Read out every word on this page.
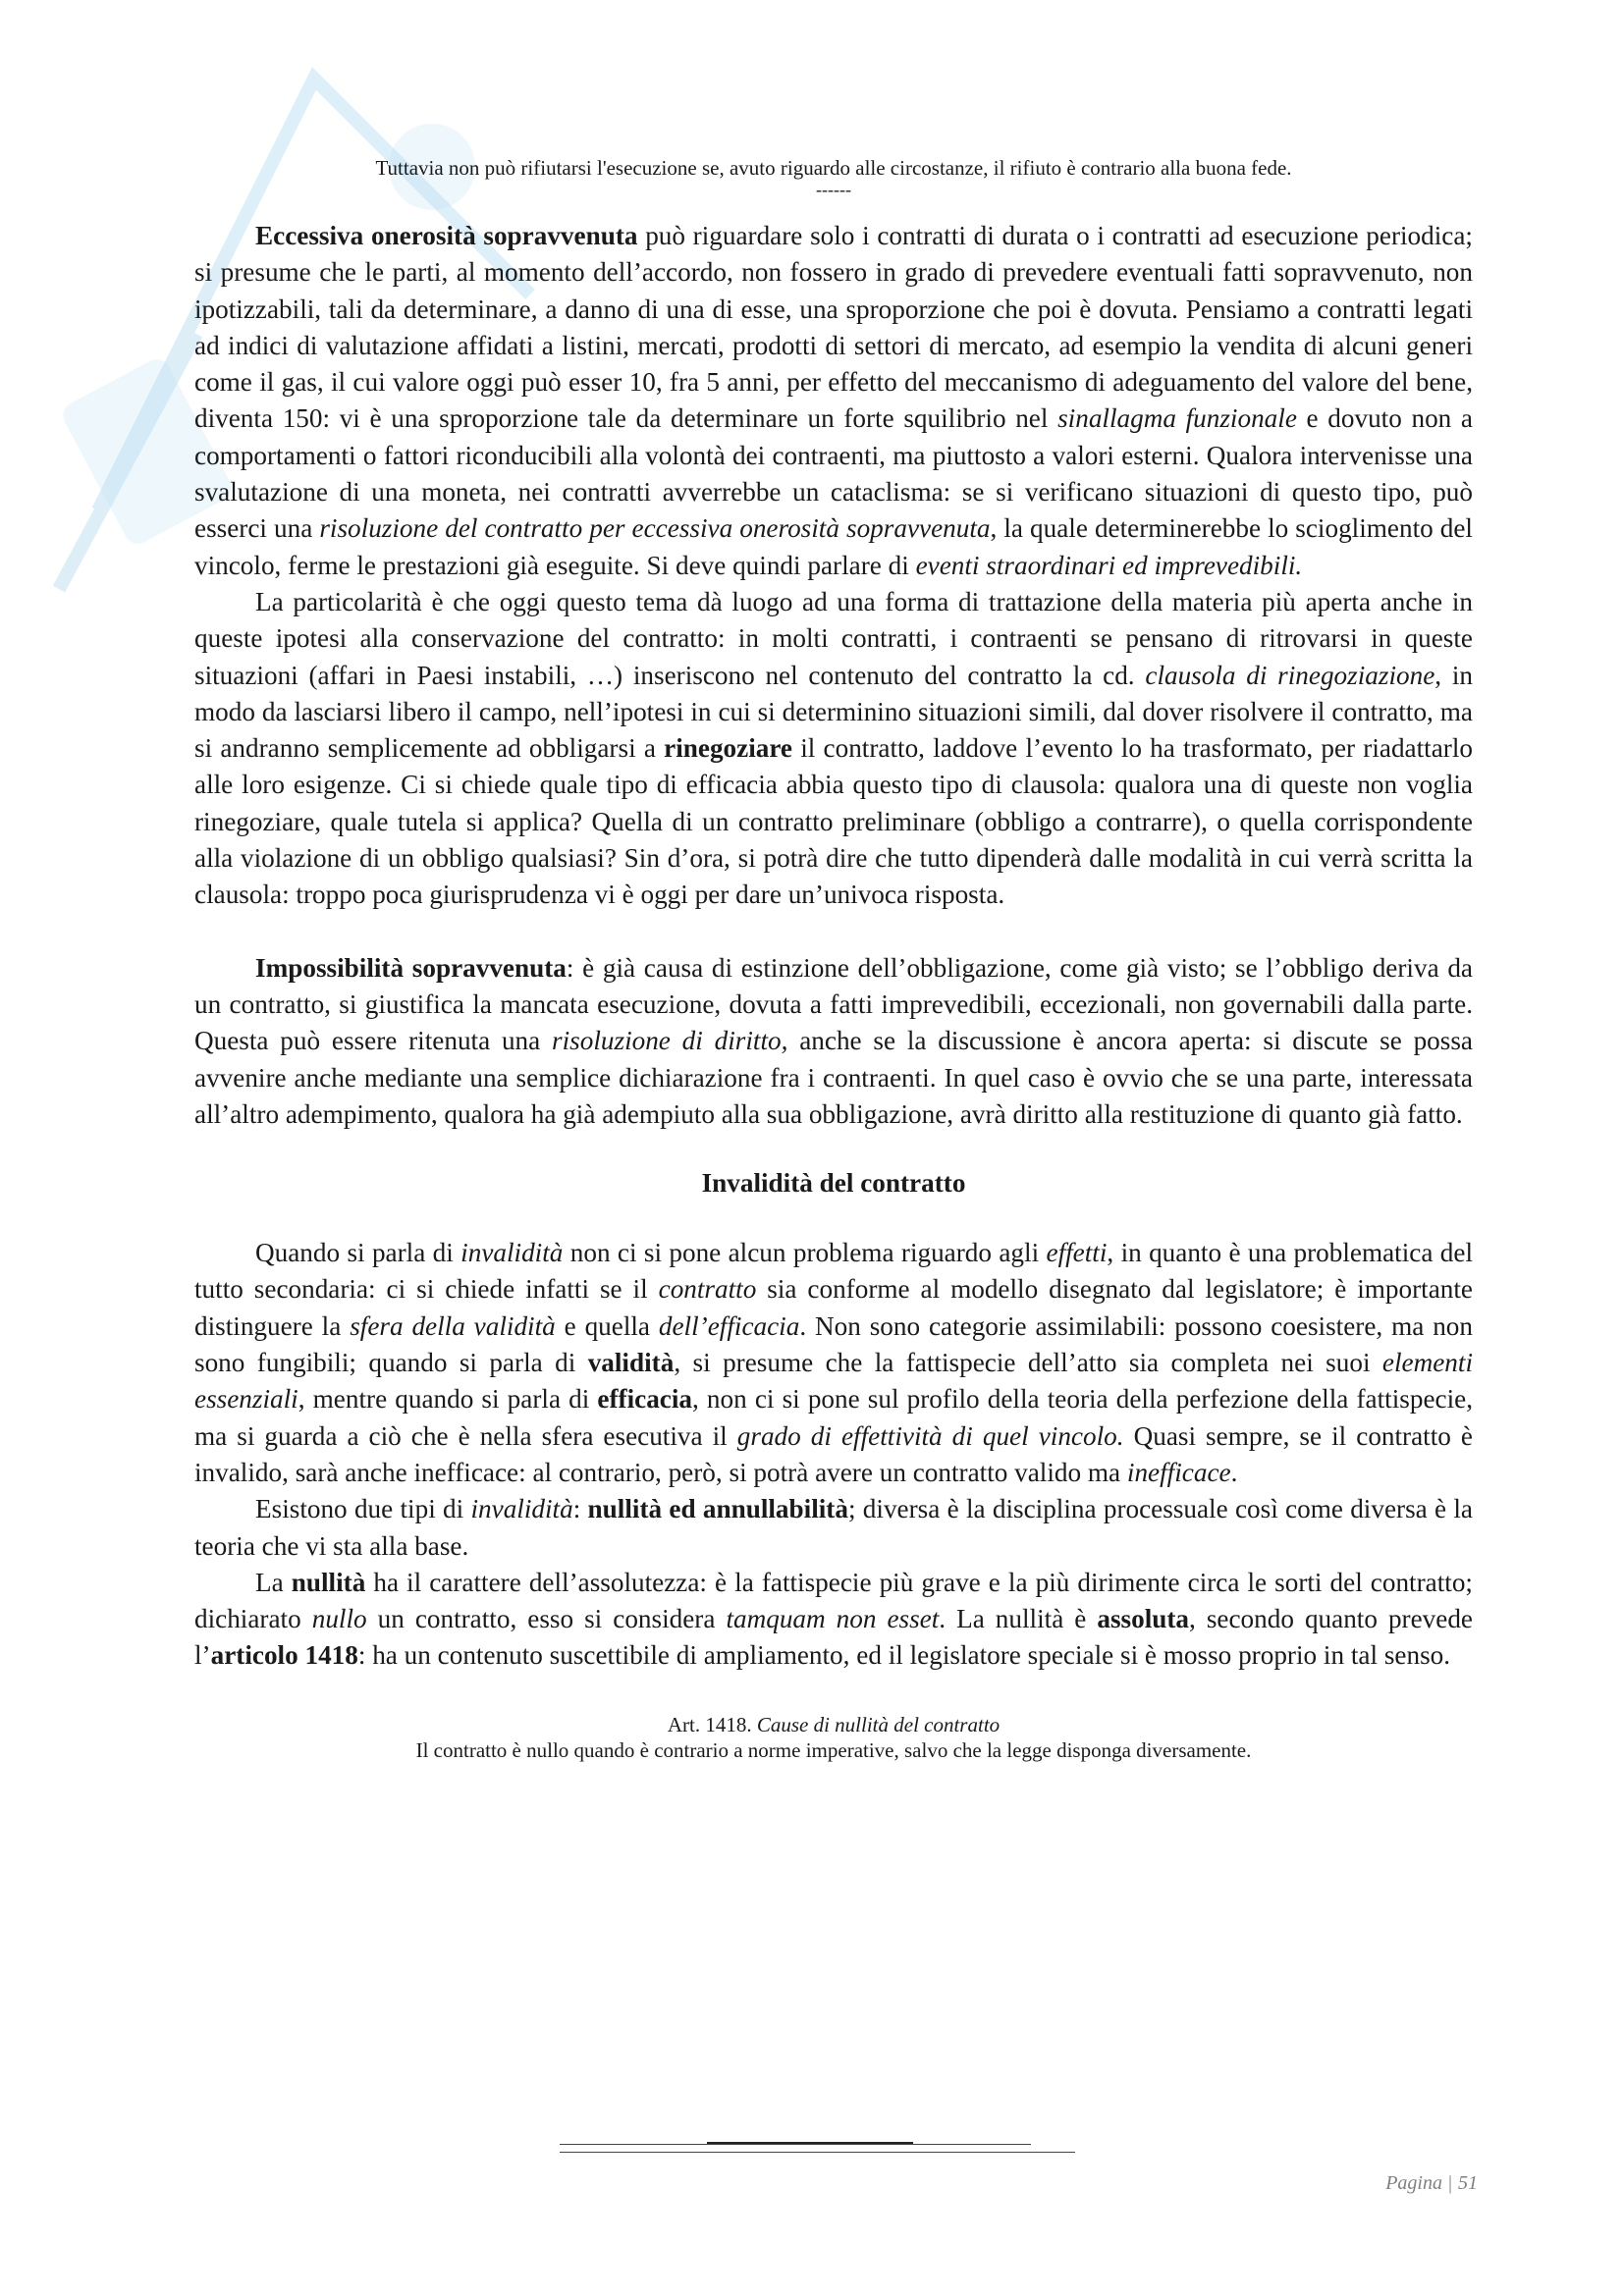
Tuttavia non può rifiutarsi l'esecuzione se, avuto riguardo alle circostanze, il rifiuto è contrario alla buona fede.
------

Eccessiva onerosità sopravvenuta può riguardare solo i contratti di durata o i contratti ad esecuzione periodica; si presume che le parti, al momento dell’accordo, non fossero in grado di prevedere eventuali fatti sopravvenuto, non ipotizzabili, tali da determinare, a danno di una di esse, una sproporzione che poi è dovuta. Pensiamo a contratti legati ad indici di valutazione affidati a listini, mercati, prodotti di settori di mercato, ad esempio la vendita di alcuni generi come il gas, il cui valore oggi può esser 10, fra 5 anni, per effetto del meccanismo di adeguamento del valore del bene, diventa 150: vi è una sproporzione tale da determinare un forte squilibrio nel sinallagma funzionale e dovuto non a comportamenti o fattori riconducibili alla volontà dei contraenti, ma piuttosto a valori esterni. Qualora intervenisse una svalutazione di una moneta, nei contratti avverrebbe un cataclisma: se si verificano situazioni di questo tipo, può esserci una risoluzione del contratto per eccessiva onerosità sopravvenuta, la quale determinerebbe lo scioglimento del vincolo, ferme le prestazioni già eseguite. Si deve quindi parlare di eventi straordinari ed imprevedibili.

La particolarità è che oggi questo tema dà luogo ad una forma di trattazione della materia più aperta anche in queste ipotesi alla conservazione del contratto: in molti contratti, i contraenti se pensano di ritrovarsi in queste situazioni (affari in Paesi instabili, …) inseriscono nel contenuto del contratto la cd. clausola di rinegoziazione, in modo da lasciarsi libero il campo, nell’ipotesi in cui si determinino situazioni simili, dal dover risolvere il contratto, ma si andranno semplicemente ad obbligarsi a rinegoziare il contratto, laddove l’evento lo ha trasformato, per riadattarlo alle loro esigenze. Ci si chiede quale tipo di efficacia abbia questo tipo di clausola: qualora una di queste non voglia rinegoziare, quale tutela si applica? Quella di un contratto preliminare (obbligo a contrarre), o quella corrispondente alla violazione di un obbligo qualsiasi? Sin d’ora, si potrà dire che tutto dipenderà dalle modalità in cui verrà scritta la clausola: troppo poca giurisprudenza vi è oggi per dare un’univoca risposta.

Impossibilità sopravvenuta: è già causa di estinzione dell’obbligazione, come già visto; se l’obbligo deriva da un contratto, si giustifica la mancata esecuzione, dovuta a fatti imprevedibili, eccezionali, non governabili dalla parte. Questa può essere ritenuta una risoluzione di diritto, anche se la discussione è ancora aperta: si discute se possa avvenire anche mediante una semplice dichiarazione fra i contraenti. In quel caso è ovvio che se una parte, interessata all’altro adempimento, qualora ha già adempiuto alla sua obbligazione, avrà diritto alla restituzione di quanto già fatto.

Invalidità del contratto

Quando si parla di invalidità non ci si pone alcun problema riguardo agli effetti, in quanto è una problematica del tutto secondaria: ci si chiede infatti se il contratto sia conforme al modello disegnato dal legislatore; è importante distinguere la sfera della validità e quella dell’efficacia. Non sono categorie assimilabili: possono coesistere, ma non sono fungibili; quando si parla di validità, si presume che la fattispecie dell’atto sia completa nei suoi elementi essenziali, mentre quando si parla di efficacia, non ci si pone sul profilo della teoria della perfezione della fattispecie, ma si guarda a ciò che è nella sfera esecutiva il grado di effettività di quel vincolo. Quasi sempre, se il contratto è invalido, sarà anche inefficace: al contrario, però, si potrà avere un contratto valido ma inefficace.

Esistono due tipi di invalidità: nullità ed annullabilità; diversa è la disciplina processuale così come diversa è la teoria che vi sta alla base.

La nullità ha il carattere dell’assolutezza: è la fattispecie più grave e la più dirimente circa le sorti del contratto; dichiarato nullo un contratto, esso si considera tamquam non esset. La nullità è assoluta, secondo quanto prevede l’articolo 1418: ha un contenuto suscettibile di ampliamento, ed il legislatore speciale si è mosso proprio in tal senso.

Art. 1418. Cause di nullità del contratto
Il contratto è nullo quando è contrario a norme imperative, salvo che la legge disponga diversamente.
Pagina | 51
